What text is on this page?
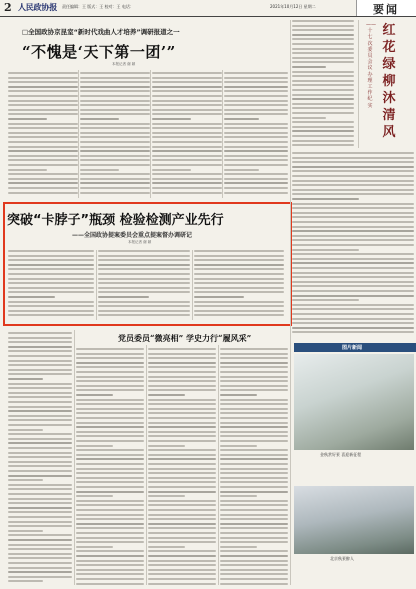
2 人民政协报 责任编辑：王 版式：王 校对：王 电话：	2021年10月12日 星期二	要闻
□全国政协京昆室“新时代戏曲人才培养”调研报道之一
“不愧是‘天下第一团’”
本报记者 谢 颖
红花绿柳沐清风
——十七次委员会议办理工作纪实
突破“卡脖子”瓶颈 检验检测产业先行
——全国政协提案委员会重点提案督办调研记
本报记者 谢 颖
党员委员“微亮相” 学史力行“履风采”
图片新闻
金秋赏好景 喜迎新征程
北京秋景醉人
